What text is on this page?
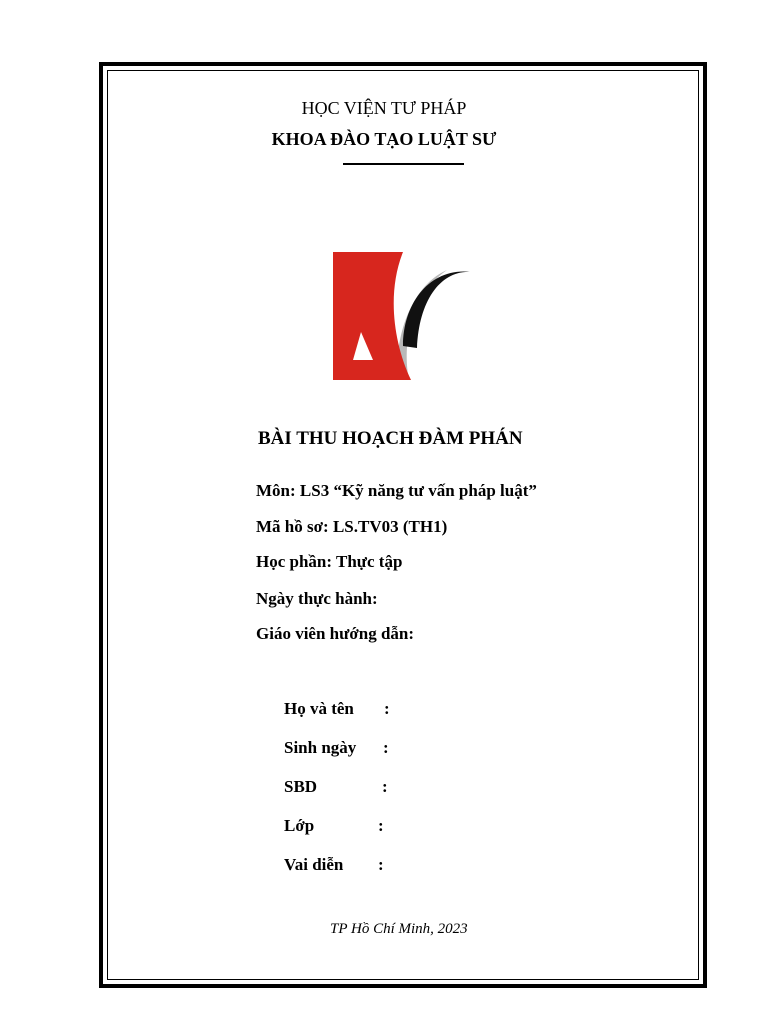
HỌC VIỆN TƯ PHÁP
KHOA ĐÀO TẠO LUẬT SƯ
BÀI THU HOẠCH ĐÀM PHÁN
Môn: LS3 “Kỹ năng tư vấn pháp luật”
Mã hồ sơ: LS.TV03 (TH1)
Học phần: Thực tập
Ngày thực hành:
Giáo viên hướng dẫn:
Họ và tên :
Sinh ngày :
SBD	:
Lớp	:
Vai diễn :
TP Hồ Chí Minh, 2023
